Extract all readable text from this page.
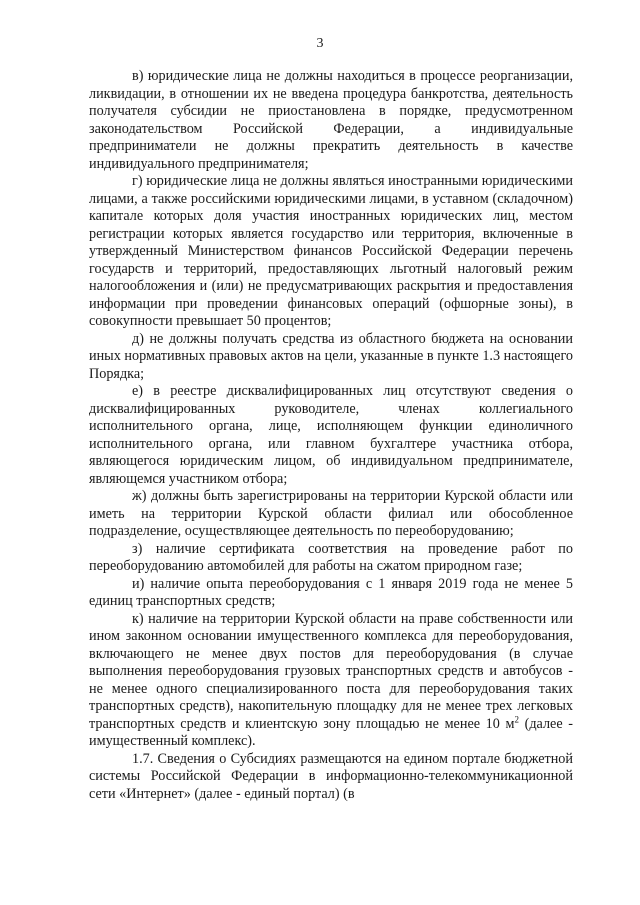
3

в) юридические лица не должны находиться в процессе реорганизации, ликвидации, в отношении их не введена процедура банкротства, деятельность получателя субсидии не приостановлена в порядке, предусмотренном законодательством Российской Федерации, а индивидуальные предприниматели не должны прекратить деятельность в качестве индивидуального предпринимателя;

г) юридические лица не должны являться иностранными юридическими лицами, а также российскими юридическими лицами, в уставном (складочном) капитале которых доля участия иностранных юридических лиц, местом регистрации которых является государство или территория, включенные в утвержденный Министерством финансов Российской Федерации перечень государств и территорий, предоставляющих льготный налоговый режим налогообложения и (или) не предусматривающих раскрытия и предоставления информации при проведении финансовых операций (офшорные зоны), в совокупности превышает 50 процентов;

д) не должны получать средства из областного бюджета на основании иных нормативных правовых актов на цели, указанные в пункте 1.3 настоящего Порядка;

е) в реестре дисквалифицированных лиц отсутствуют сведения о дисквалифицированных руководителе, членах коллегиального исполнительного органа, лице, исполняющем функции единоличного исполнительного органа, или главном бухгалтере участника отбора, являющегося юридическим лицом, об индивидуальном предпринимателе, являющемся участником отбора;

ж) должны быть зарегистрированы на территории Курской области или иметь на территории Курской области филиал или обособленное подразделение, осуществляющее деятельность по переоборудованию;

з) наличие сертификата соответствия на проведение работ по переоборудованию автомобилей для работы на сжатом природном газе;

и) наличие опыта переоборудования с 1 января 2019 года не менее 5 единиц транспортных средств;

к) наличие на территории Курской области на праве собственности или ином законном основании имущественного комплекса для переоборудования, включающего не менее двух постов для переоборудования (в случае выполнения переоборудования грузовых транспортных средств и автобусов - не менее одного специализированного поста для переоборудования таких транспортных средств), накопительную площадку для не менее трех легковых транспортных средств и клиентскую зону площадью не менее 10 $м^2$ (далее - имущественный комплекс).

1.7. Сведения о Субсидиях размещаются на едином портале бюджетной системы Российской Федерации в информационно-телекоммуникационной сети «Интернет» (далее - единый портал) (в
